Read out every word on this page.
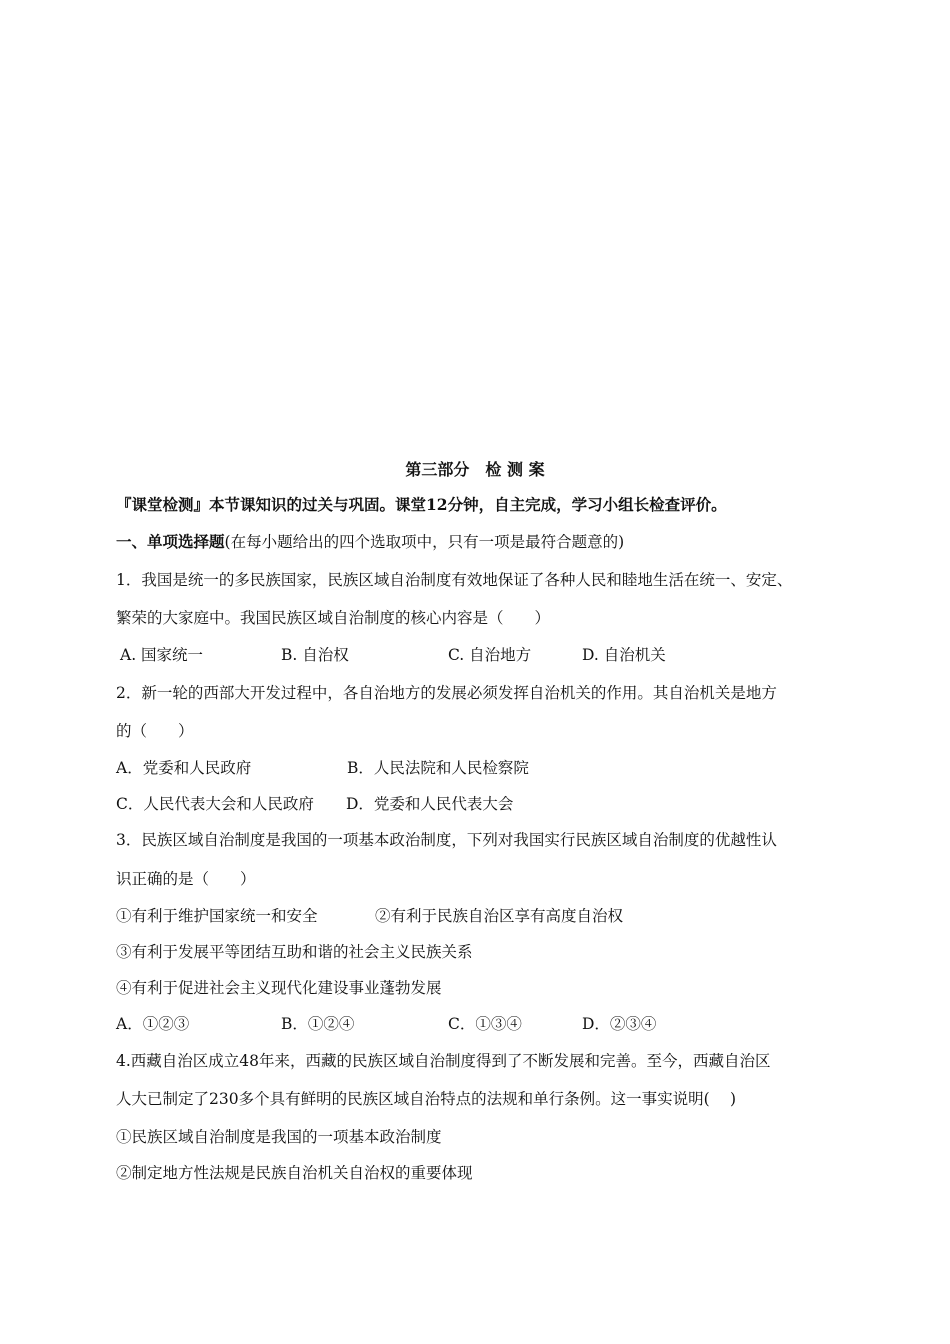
第三部分　检 测 案
『课堂检测』本节课知识的过关与巩固。课堂12分钟，自主完成，学习小组长检查评价。
一、单项选择题(在每小题给出的四个选取项中，只有一项是最符合题意的)
1．我国是统一的多民族国家，民族区域自治制度有效地保证了各种人民和睦地生活在统一、安定、
繁荣的大家庭中。我国民族区域自治制度的核心内容是（　　）
A. 国家统一	B. 自治权	C. 自治地方	D. 自治机关
2．新一轮的西部大开发过程中，各自治地方的发展必须发挥自治机关的作用。其自治机关是地方
的（　　）
A．党委和人民政府	B．人民法院和人民检察院
C．人民代表大会和人民政府 D．党委和人民代表大会
3．民族区域自治制度是我国的一项基本政治制度，下列对我国实行民族区域自治制度的优越性认
识正确的是（　　）
①有利于维护国家统一和安全	②有利于民族自治区享有高度自治权
③有利于发展平等团结互助和谐的社会主义民族关系
④有利于促进社会主义现代化建设事业蓬勃发展
A．①②③	B．①②④	C．①③④	D．②③④
4.西藏自治区成立48年来，西藏的民族区域自治制度得到了不断发展和完善。至今，西藏自治区
人大已制定了230多个具有鲜明的民族区域自治特点的法规和单行条例。这一事实说明(　 )
①民族区域自治制度是我国的一项基本政治制度
②制定地方性法规是民族自治机关自治权的重要体现
